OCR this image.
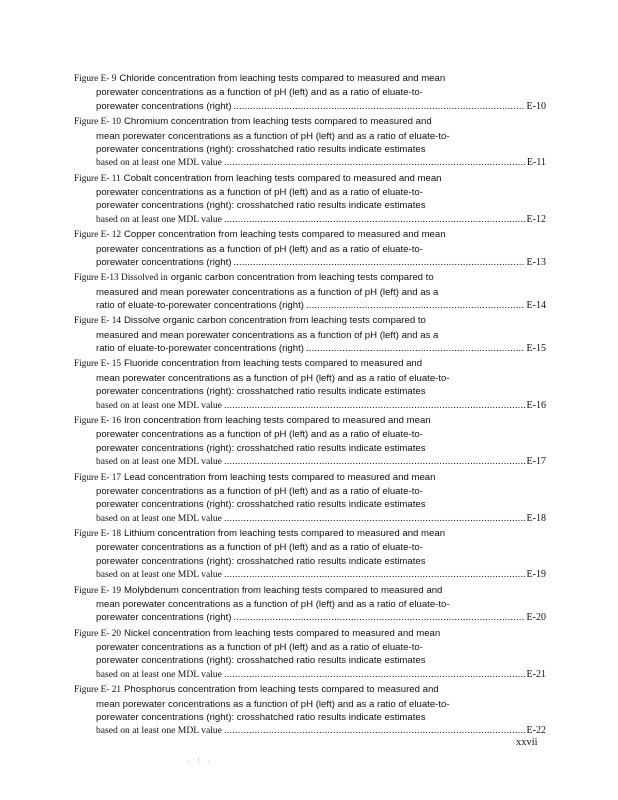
Figure E- 9 Chloride concentration from leaching tests compared to measured and mean
porewater concentrations as a function of pH (left) and as a ratio of eluate-to-
porewater concentrations (right) .....	E-10
Figure E- 10 Chromium concentration from leaching tests compared to measured and
mean porewater concentrations as a function of pH (left) and as a ratio of eluate-to-
porewater concentrations (right): crosshatched ratio results indicate estimates
based on at least one MDL value .....	E-11
Figure E- 11 Cobalt concentration from leaching tests compared to measured and mean
porewater concentrations as a function of pH (left) and as a ratio of eluate-to-
porewater concentrations (right): crosshatched ratio results indicate estimates
based on at least one MDL value .....	E-12
Figure E- 12 Copper concentration from leaching tests compared to measured and mean
porewater concentrations as a function of pH (left) and as a ratio of eluate-to-
porewater concentrations (right) .....	E-13
Figure E-13 Dissolved in organic carbon concentration from leaching tests compared to
measured and mean porewater concentrations as a function of pH (left) and as a
ratio of eluate-to-porewater concentrations (right) .....	E-14
Figure E- 14 Dissolve organic carbon concentration from leaching tests compared to
measured and mean porewater concentrations as a function of pH (left) and as a
ratio of eluate-to-porewater concentrations (right) .....	E-15
Figure E- 15 Fluoride concentration from leaching tests compared to measured and
mean porewater concentrations as a function of pH (left) and as a ratio of eluate-to-
porewater concentrations (right): crosshatched ratio results indicate estimates
based on at least one MDL value .....	E-16
Figure E- 16 Iron concentration from leaching tests compared to measured and mean
porewater concentrations as a function of pH (left) and as a ratio of eluate-to-
porewater concentrations (right): crosshatched ratio results indicate estimates
based on at least one MDL value .....	E-17
Figure E- 17 Lead concentration from leaching tests compared to measured and mean
porewater concentrations as a function of pH (left) and as a ratio of eluate-to-
porewater concentrations (right): crosshatched ratio results indicate estimates
based on at least one MDL value .....	E-18
Figure E- 18 Lithium concentration from leaching tests compared to measured and mean
porewater concentrations as a function of pH (left) and as a ratio of eluate-to-
porewater concentrations (right): crosshatched ratio results indicate estimates
based on at least one MDL value .....	E-19
Figure E- 19 Molybdenum concentration from leaching tests compared to measured and
mean porewater concentrations as a function of pH (left) and as a ratio of eluate-to-
porewater concentrations (right) .....	E-20
Figure E- 20 Nickel concentration from leaching tests compared to measured and mean
porewater concentrations as a function of pH (left) and as a ratio of eluate-to-
porewater concentrations (right): crosshatched ratio results indicate estimates
based on at least one MDL value .....	E-21
Figure E- 21 Phosphorus concentration from leaching tests compared to measured and
mean porewater concentrations as a function of pH (left) and as a ratio of eluate-to-
porewater concentrations (right): crosshatched ratio results indicate estimates
based on at least one MDL value .....	E-22
xxvii
. : .
